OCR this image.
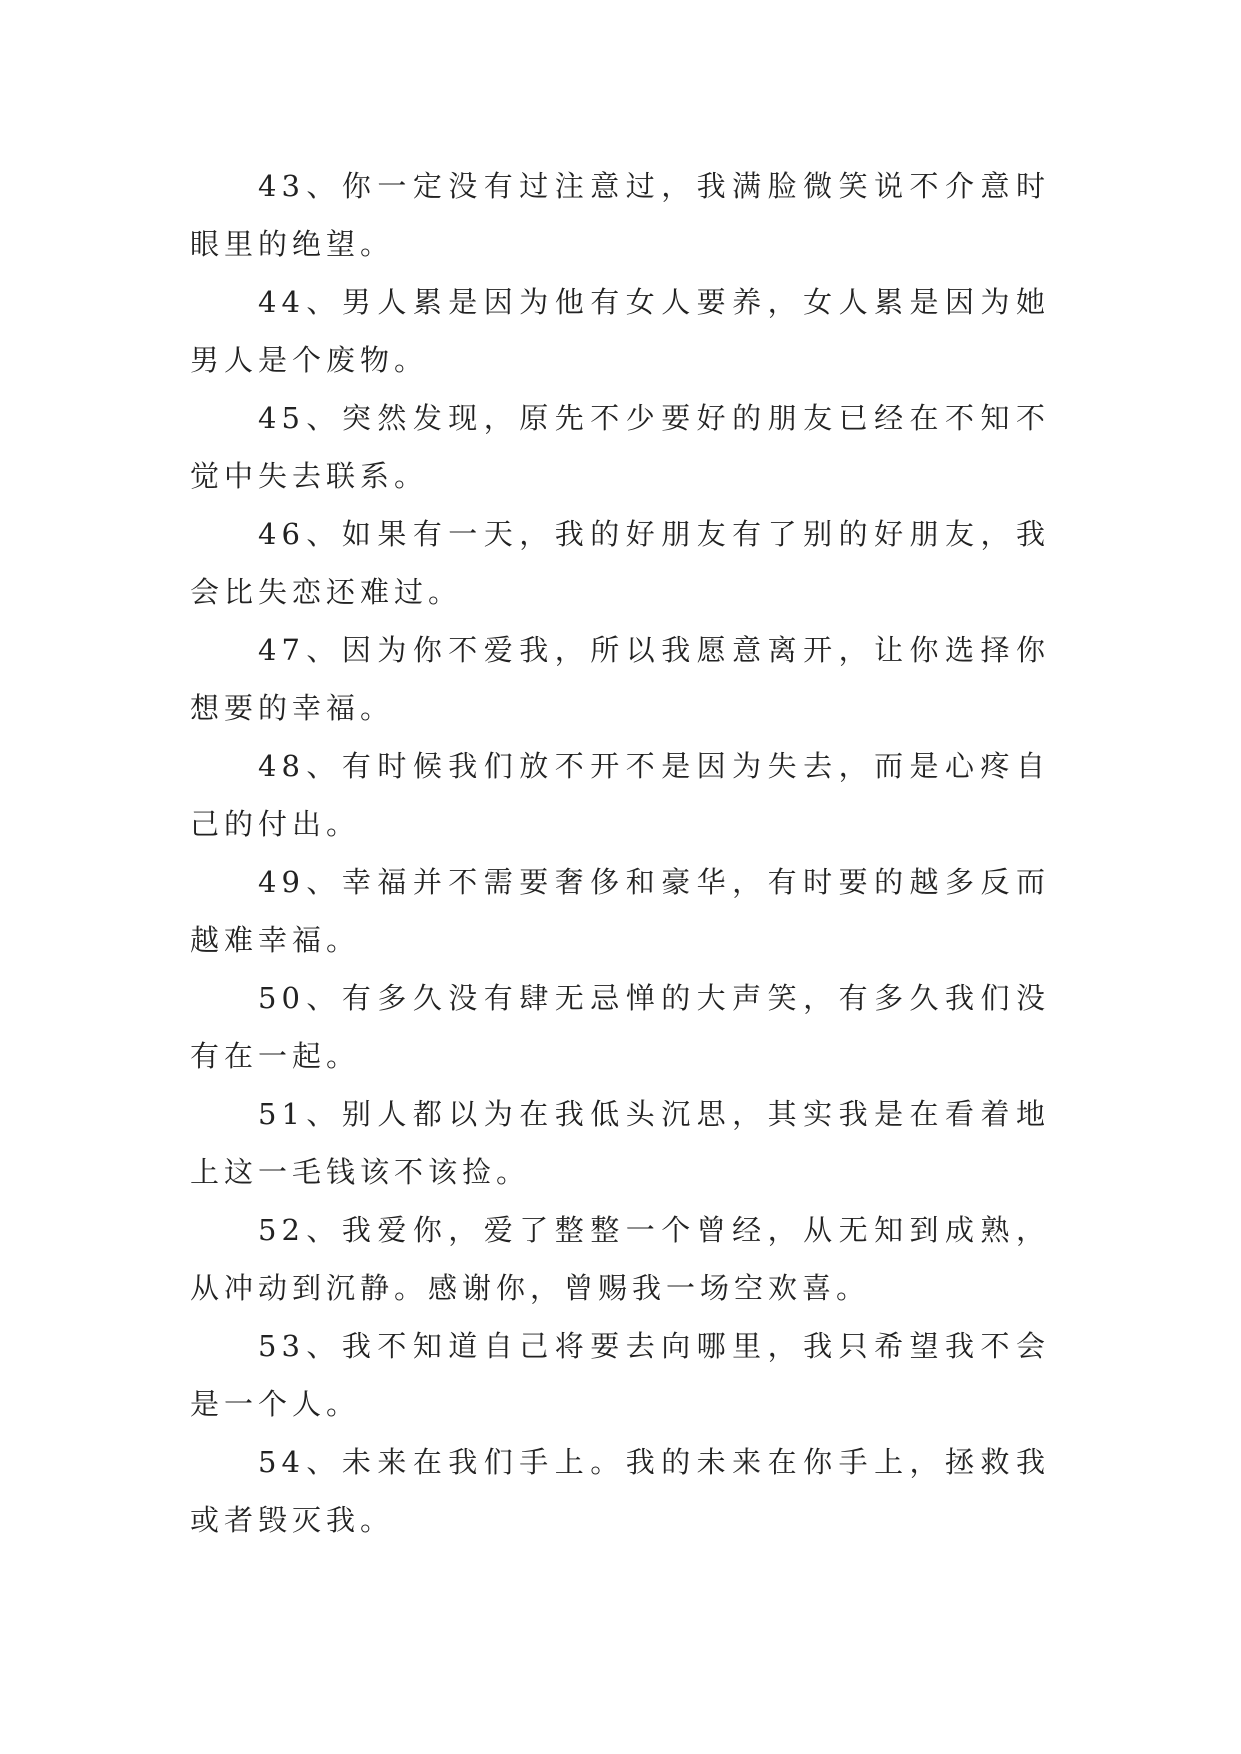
43、你一定没有过注意过，我满脸微笑说不介意时眼里的绝望。

44、男人累是因为他有女人要养，女人累是因为她男人是个废物。

45、突然发现，原先不少要好的朋友已经在不知不觉中失去联系。

46、如果有一天，我的好朋友有了别的好朋友，我会比失恋还难过。

47、因为你不爱我，所以我愿意离开，让你选择你想要的幸福。

48、有时候我们放不开不是因为失去，而是心疼自己的付出。

49、幸福并不需要奢侈和豪华，有时要的越多反而越难幸福。

50、有多久没有肆无忌惮的大声笑，有多久我们没有在一起。

51、别人都以为在我低头沉思，其实我是在看着地上这一毛钱该不该捡。

52、我爱你，爱了整整一个曾经，从无知到成熟，从冲动到沉静。感谢你，曾赐我一场空欢喜。

53、我不知道自己将要去向哪里，我只希望我不会是一个人。

54、未来在我们手上。我的未来在你手上，拯救我或者毁灭我。
